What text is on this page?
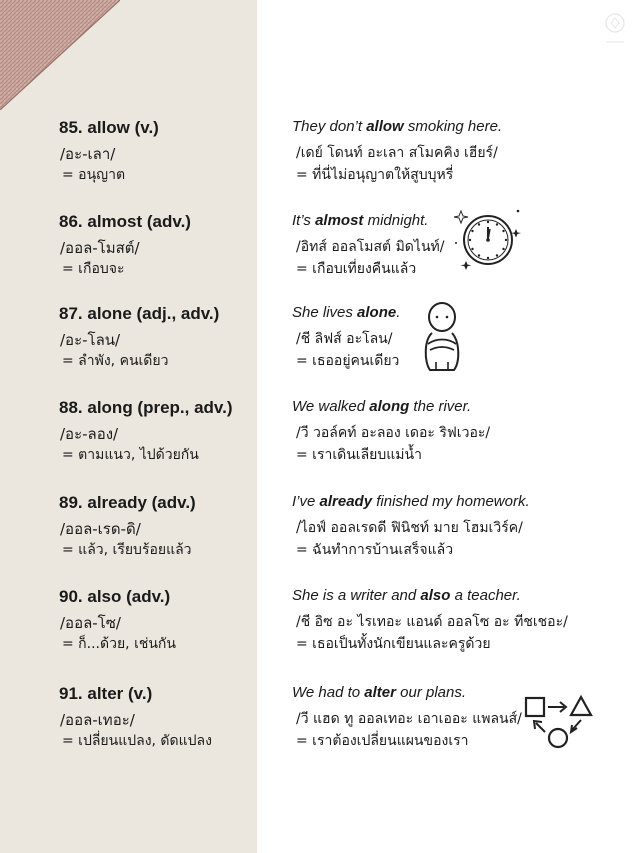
85. allow (v.)
/อะ-เลา/
= อนุญาต
They don’t allow smoking here.
/เดย์ โดนท์ อะเลา สโมคคิง เฮียร์/
= ที่นี่ไม่อนุญาตให้สูบบุหรี่
86. almost (adv.)
/ออล-โมสต์/
= เกือบจะ
It’s almost midnight.
/อิทส์ ออลโมสต์ มิดไนท์/
= เกือบเที่ยงคืนแล้ว
87. alone (adj., adv.)
/อะ-โลน/
= ลำพัง, คนเดียว
She lives alone.
/ชี ลิฟส์ อะโลน/
= เธออยู่คนเดียว
88. along (prep., adv.)
/อะ-ลอง/
= ตามแนว, ไปด้วยกัน
We walked along the river.
/วี วอล์คท์ อะลอง เดอะ ริฟเวอะ/
= เราเดินเลียบแม่น้ำ
89. already (adv.)
/ออล-เรด-ดิ/
= แล้ว, เรียบร้อยแล้ว
I’ve already finished my homework.
/ไอฟ์ ออลเรดดี ฟินิชท์ มาย โฮมเวิร์ค/
= ฉันทำการบ้านเสร็จแล้ว
90. also (adv.)
/ออล-โซ/
= ก็...ด้วย, เช่นกัน
She is a writer and also a teacher.
/ชี อิซ อะ ไรเทอะ แอนด์ ออลโซ อะ ทีชเชอะ/
= เธอเป็นทั้งนักเขียนและครูด้วย
91. alter (v.)
/ออล-เทอะ/
= เปลี่ยนแปลง, ดัดแปลง
We had to alter our plans.
/วี แฮด ทู ออลเทอะ เอาเออะ แพลนส์/
= เราต้องเปลี่ยนแผนของเรา
